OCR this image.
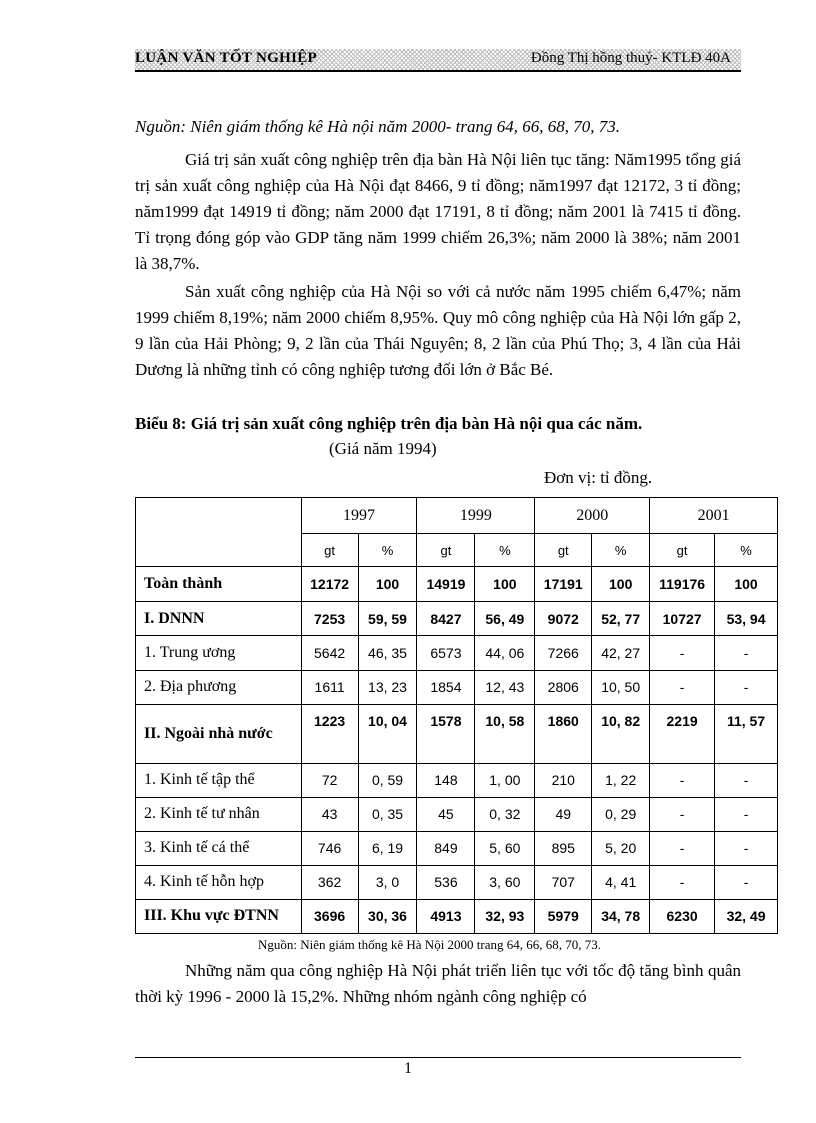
LUẬN VĂN TỐT NGHIỆP	Đồng Thị hồng thuý- KTLĐ 40A
Nguồn: Niên giám thống kê Hà nội năm 2000- trang 64, 66, 68, 70, 73.

Giá trị sản xuất công nghiệp trên địa bàn Hà Nội liên tục tăng: Năm1995 tổng giá trị sản xuất công nghiệp của Hà Nội đạt 8466, 9 tỉ đồng; năm1997 đạt 12172, 3 tỉ đồng; năm1999 đạt 14919 tỉ đồng; năm 2000 đạt 17191, 8 tỉ đồng; năm 2001 là 7415 tỉ đồng. Tỉ trọng đóng góp vào GDP tăng năm 1999 chiếm 26,3%; năm 2000 là 38%; năm 2001 là 38,7%.

Sản xuất công nghiệp của Hà Nội so với cả nước năm 1995 chiếm 6,47%; năm 1999 chiếm 8,19%; năm 2000 chiếm 8,95%. Quy mô công nghiệp của Hà Nội lớn gấp 2, 9 lần của Hải Phòng; 9, 2 lần của Thái Nguyên; 8, 2 lần của Phú Thọ; 3, 4 lần của Hải Dương là những tỉnh có công nghiệp tương đối lớn ở Bắc Bé.

Biểu 8: Giá trị sản xuất công nghiệp trên địa bàn Hà nội qua các năm.
(Giá năm 1994)
Đơn vị: tỉ đồng.
	1997		1999		2000		2001	
	gt	%	gt	%	gt	%	gt	%
Toàn thành	12172	100	14919	100	17191	100	119176	100
I. DNNN	7253	59, 59	8427	56, 49	9072	52, 77	10727	53, 94
1. Trung ương	5642	46, 35	6573	44, 06	7266	42, 27	-	-
2. Địa phương	1611	13, 23	1854	12, 43	2806	10, 50	-	-
II. Ngoài nhà nước	1223	10, 04	1578	10, 58	1860	10, 82	2219	11, 57
1. Kinh tế tập thể	72	0, 59	148	1, 00	210	1, 22	-	-
2. Kinh tế tư nhân	43	0, 35	45	0, 32	49	0, 29	-	-
3. Kinh tế cá thể	746	6, 19	849	5, 60	895	5, 20	-	-
4. Kinh tế hỗn hợp	362	3, 0	536	3, 60	707	4, 41	-	-
III. Khu vực ĐTNN	3696	30, 36	4913	32, 93	5979	34, 78	6230	32, 49
Nguồn: Niên giám thống kê Hà Nội 2000 trang 64, 66, 68, 70, 73.

Những năm qua công nghiệp Hà Nội phát triển liên tục với tốc độ tăng bình quân thời kỳ 1996 - 2000 là 15,2%. Những nhóm ngành công nghiệp có

1
